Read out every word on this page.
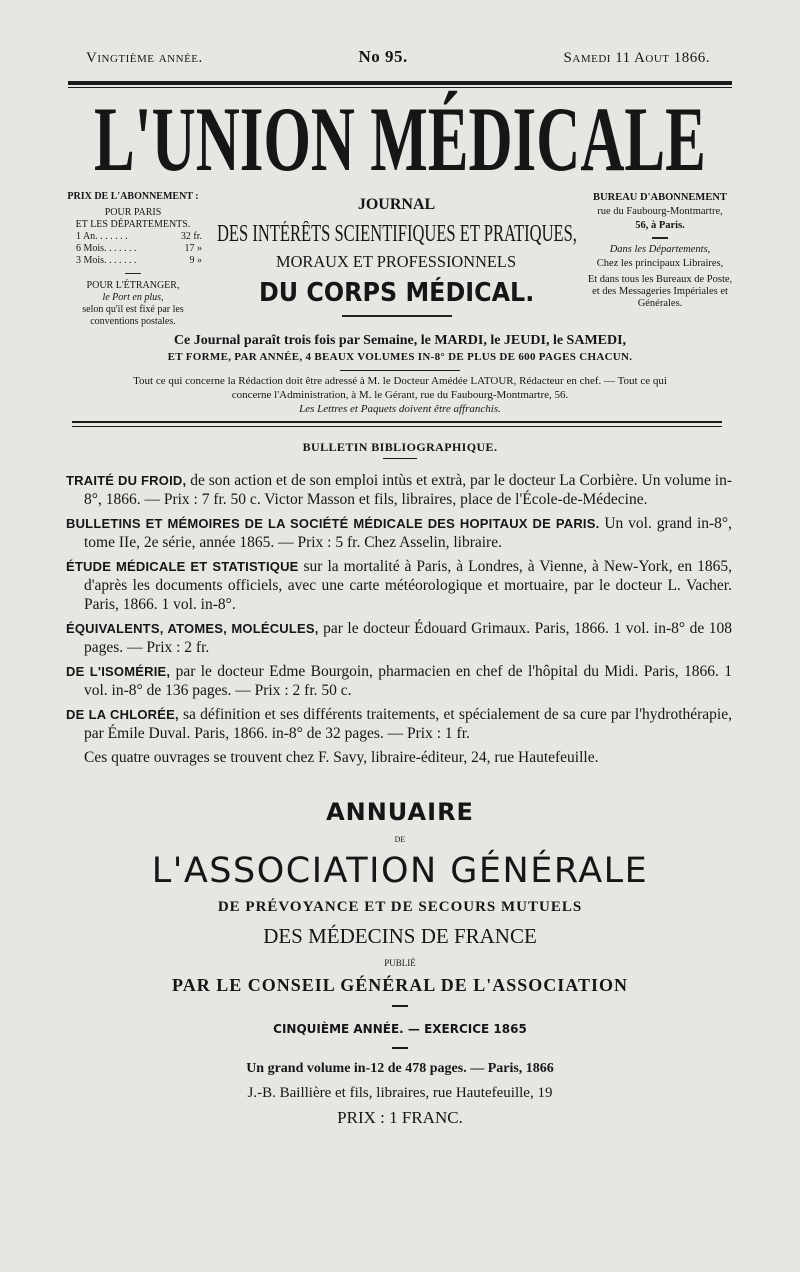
Vingtième année.	No 95.	Samedi 11 Aout 1866.
L'UNION MÉDICALE
PRIX DE L'ABONNEMENT :
POUR PARIS
ET LES DÉPARTEMENTS.
1 An. . . . . . .	32 fr.
6 Mois. . . . . . .	17 »
3 Mois. . . . . . .	9 »
POUR L'ÉTRANGER,
le Port en plus,
selon qu'il est fixé par les conventions postales.
JOURNAL
DES INTÉRÊTS SCIENTIFIQUES ET PRATIQUES,
MORAUX ET PROFESSIONNELS
DU CORPS MÉDICAL.
BUREAU D'ABONNEMENT
rue du Faubourg-Montmartre,
56, à Paris.
Dans les Départements,
Chez les principaux Libraires,
Et dans tous les Bureaux de Poste, et des Messageries Impériales et Générales.
Ce Journal paraît trois fois par Semaine, le MARDI, le JEUDI, le SAMEDI,
ET FORME, PAR ANNÉE, 4 BEAUX VOLUMES IN-8° DE PLUS DE 600 PAGES CHACUN.
Tout ce qui concerne la Rédaction doit être adressé à M. le Docteur Amédée LATOUR, Rédacteur en chef. — Tout ce qui
concerne l'Administration, à M. le Gérant, rue du Faubourg-Montmartre, 56.
Les Lettres et Paquets doivent être affranchis.
BULLETIN BIBLIOGRAPHIQUE.

TRAITÉ DU FROID, de son action et de son emploi intùs et extrà, par le docteur La Corbière. Un volume in-8°, 1866. — Prix : 7 fr. 50 c. Victor Masson et fils, libraires, place de l'École-de-Médecine.

BULLETINS ET MÉMOIRES DE LA SOCIÉTÉ MÉDICALE DES HOPITAUX DE PARIS. Un vol. grand in-8°, tome IIe, 2e série, année 1865. — Prix : 5 fr. Chez Asselin, libraire.

ÉTUDE MÉDICALE ET STATISTIQUE sur la mortalité à Paris, à Londres, à Vienne, à New-York, en 1865, d'après les documents officiels, avec une carte météorologique et mortuaire, par le docteur L. Vacher. Paris, 1866. 1 vol. in-8°.

ÉQUIVALENTS, ATOMES, MOLÉCULES, par le docteur Édouard Grimaux. Paris, 1866. 1 vol. in-8° de 108 pages. — Prix : 2 fr.

DE L'ISOMÉRIE, par le docteur Edme Bourgoin, pharmacien en chef de l'hôpital du Midi. Paris, 1866. 1 vol. in-8° de 136 pages. — Prix : 2 fr. 50 c.

DE LA CHLORÉE, sa définition et ses différents traitements, et spécialement de sa cure par l'hydrothérapie, par Émile Duval. Paris, 1866. in-8° de 32 pages. — Prix : 1 fr.

Ces quatre ouvrages se trouvent chez F. Savy, libraire-éditeur, 24, rue Hautefeuille.

ANNUAIRE
DE
L'ASSOCIATION GÉNÉRALE
DE PRÉVOYANCE ET DE SECOURS MUTUELS
DES MÉDECINS DE FRANCE
PUBLIÉ
PAR LE CONSEIL GÉNÉRAL DE L'ASSOCIATION
CINQUIÈME ANNÉE. — EXERCICE 1865
Un grand volume in-12 de 478 pages. — Paris, 1866
J.-B. Baillière et fils, libraires, rue Hautefeuille, 19
PRIX : 1 FRANC.
